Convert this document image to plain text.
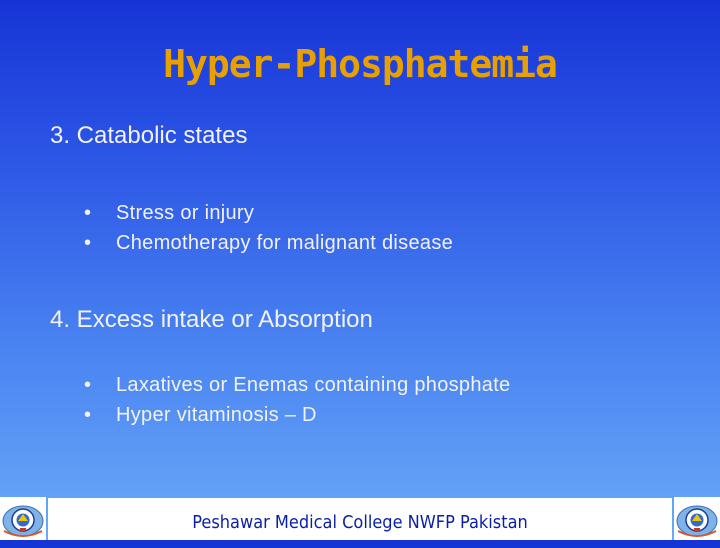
Hyper-Phosphatemia
3. Catabolic states
• Stress or injury
• Chemotherapy for malignant disease
4. Excess intake or Absorption
• Laxatives or Enemas containing phosphate
• Hyper vitaminosis – D
Peshawar Medical College NWFP Pakistan
